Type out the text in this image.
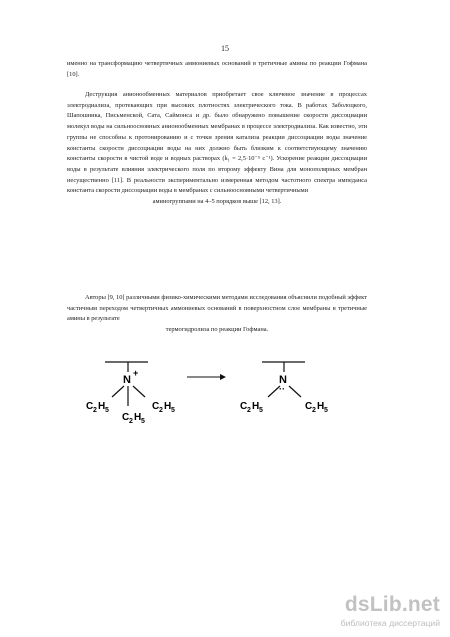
15

именно на трансформацию четвертичных аммониевых оснований в третичные амины по реакции Гофмана [10].

Деструкция анионообменных материалов приобретает свое ключевое значение в процессах электродиализа, протекающих при высоких плотностях электрического тока. В работах Заболоцкого, Шапошника, Письменской, Сата, Саймонса и др. было обнаружено повышение скорости диссоциации молекул воды на сильноосновных анионообменных мембранах в процессе электродиализа. Как известно, эти группы не способны к протонированию и с точки зрения катализа реакции диссоциации воды значение константы скорости диссоциации воды на них должно быть близким к соответствующему значению константы скорости в чистой воде и водных растворах (k₁ = 2,5·10⁻⁵ с⁻¹). Ускорение реакции диссоциации воды в результате влияния электрического поля по второму эффекту Вина для монополярных мембран несущественно [11]. В реальности экспериментально измеренная методом частотного спектра импеданса константа скорости диссоциации воды в мембранах с сильноосновными четвертичными

аминогруппами на 4–5 порядков выше [12, 13].

Авторы [9, 10] различными физико-химическими методами исследования объяснили подобный эффект частичным переходом четвертичных аммониевых оснований в поверхностном слое мембраны в третичные амины в результате

термогидролиза по реакции Гофмана.

N
+
C 2 H 5	C 2 H 5
C 2 H 5
N
··
C 2 H 5	C 2 H 5
dsLib.net
библиотека диссертаций
